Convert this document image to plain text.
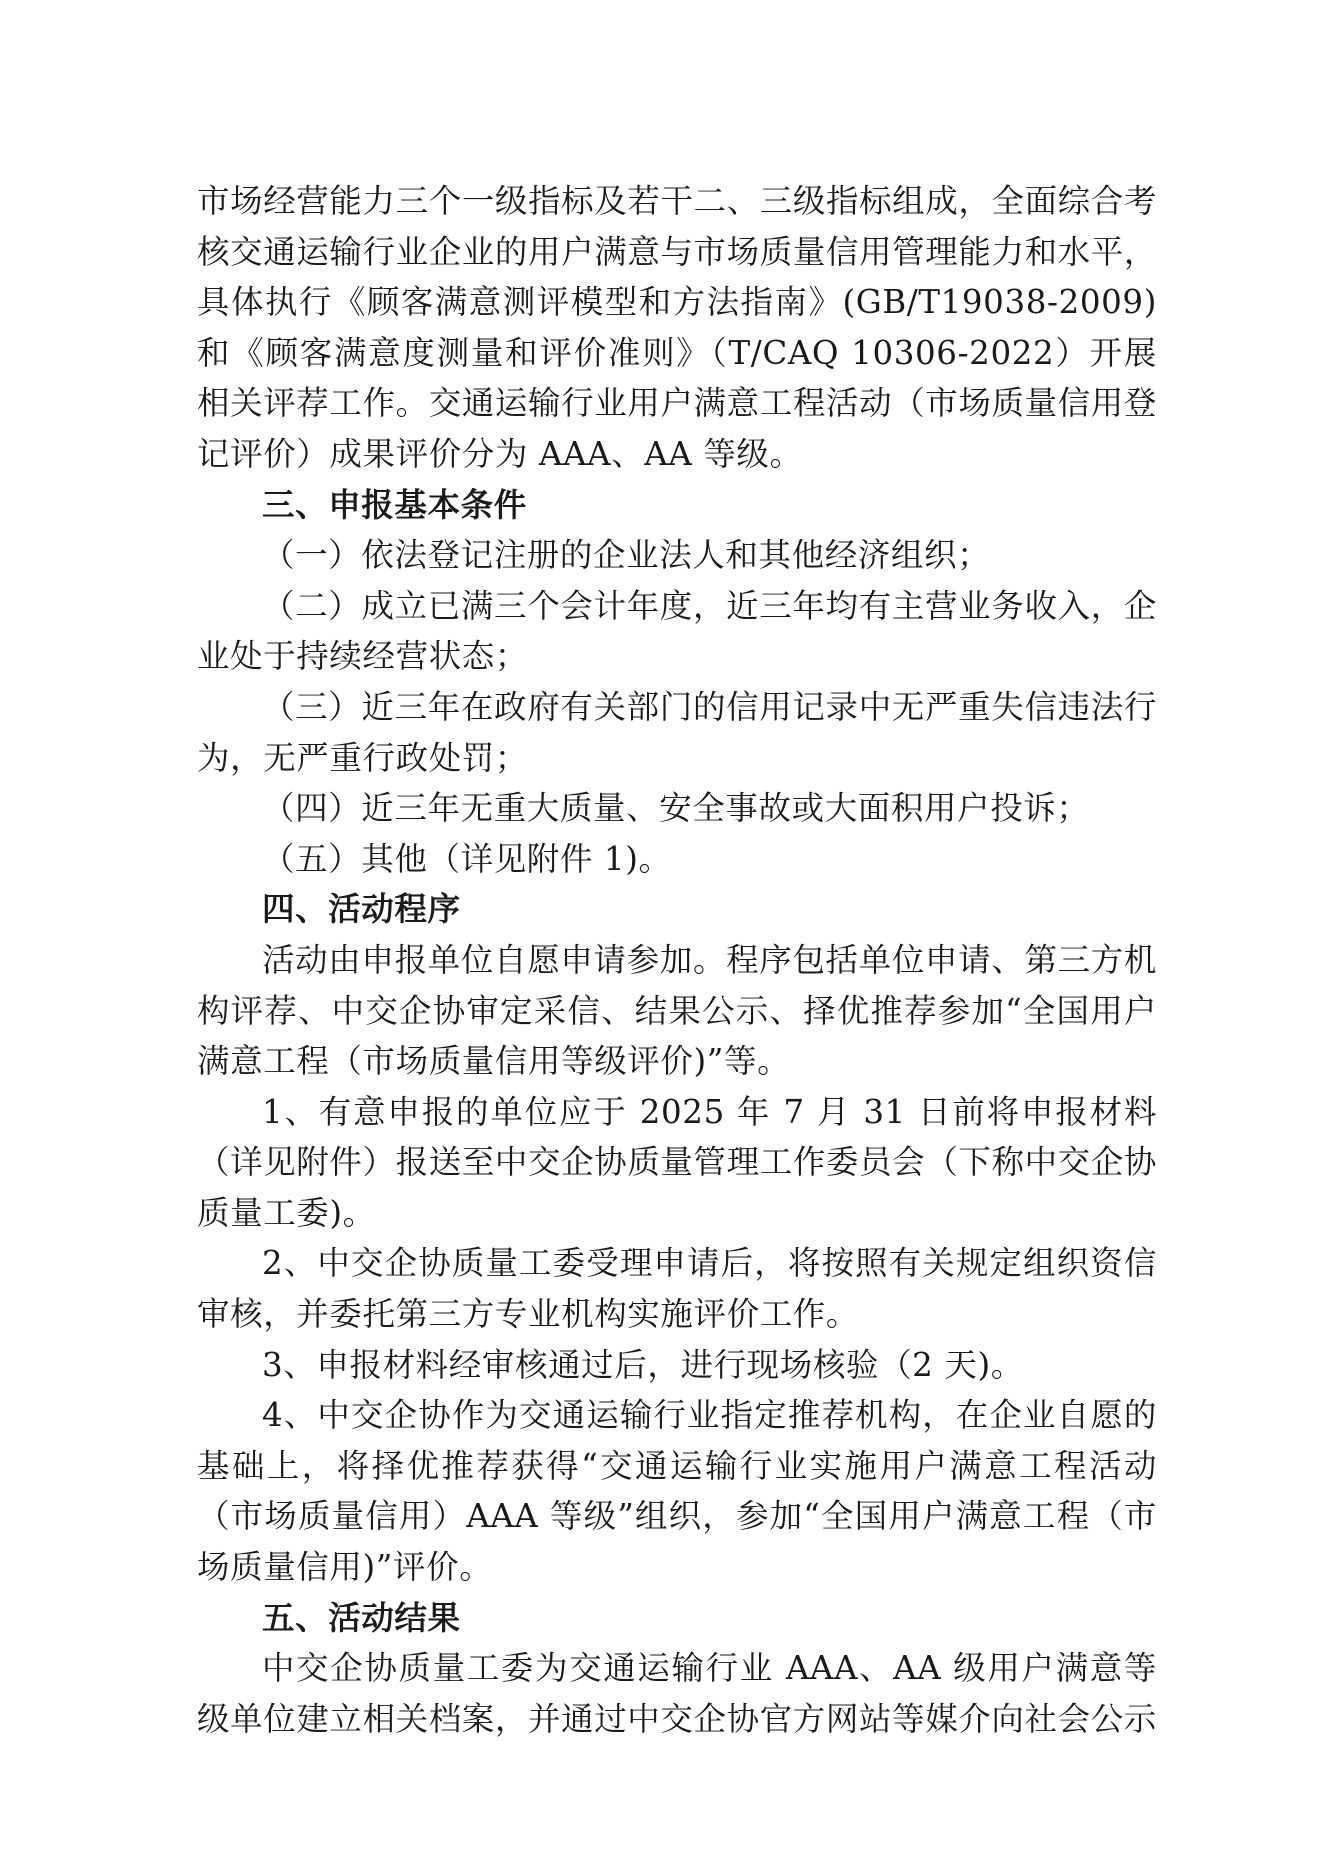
市场经营能力三个一级指标及若干二、三级指标组成，全面综合考核交通运输行业企业的用户满意与市场质量信用管理能力和水平，具体执行《顾客满意测评模型和方法指南》(GB/T19038-2009)和《顾客满意度测量和评价准则》（T/CAQ 10306-2022）开展相关评荐工作。交通运输行业用户满意工程活动（市场质量信用登记评价）成果评价分为 AAA、AA 等级。

三、申报基本条件

（一）依法登记注册的企业法人和其他经济组织；

（二）成立已满三个会计年度，近三年均有主营业务收入，企业处于持续经营状态；

（三）近三年在政府有关部门的信用记录中无严重失信违法行为，无严重行政处罚；

（四）近三年无重大质量、安全事故或大面积用户投诉；

（五）其他（详见附件 1)。

四、活动程序

活动由申报单位自愿申请参加。程序包括单位申请、第三方机构评荐、中交企协审定采信、结果公示、择优推荐参加“全国用户满意工程（市场质量信用等级评价)”等。

1、有意申报的单位应于 2025 年 7 月 31 日前将申报材料（详见附件）报送至中交企协质量管理工作委员会（下称中交企协质量工委)。

2、中交企协质量工委受理申请后，将按照有关规定组织资信审核，并委托第三方专业机构实施评价工作。

3、申报材料经审核通过后，进行现场核验（2 天)。

4、中交企协作为交通运输行业指定推荐机构，在企业自愿的基础上，将择优推荐获得“交通运输行业实施用户满意工程活动（市场质量信用）AAA 等级”组织，参加“全国用户满意工程（市场质量信用)”评价。

五、活动结果

中交企协质量工委为交通运输行业 AAA、AA 级用户满意等级单位建立相关档案，并通过中交企协官方网站等媒介向社会公示
